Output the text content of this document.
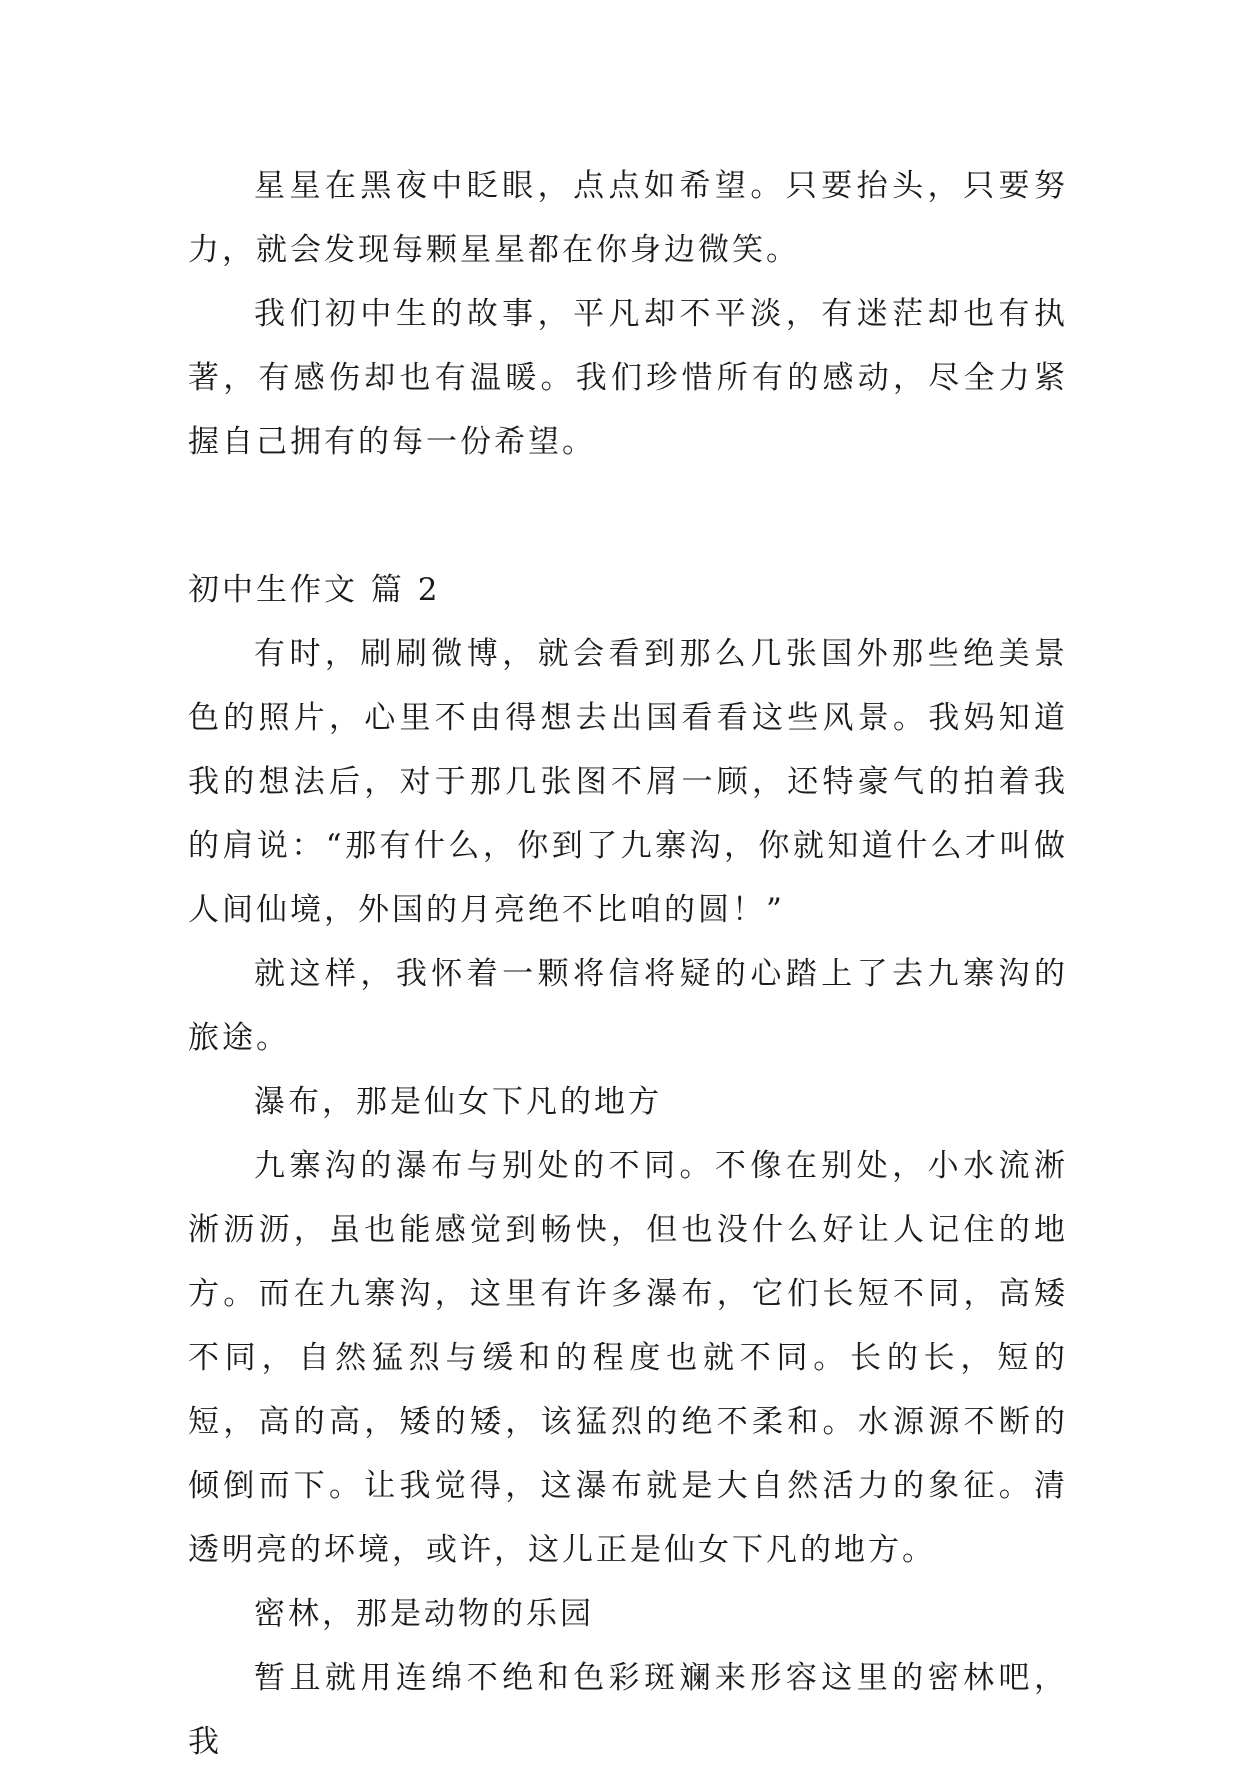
星星在黑夜中眨眼，点点如希望。只要抬头，只要努力，就会发现每颗星星都在你身边微笑。

我们初中生的故事，平凡却不平淡，有迷茫却也有执著，有感伤却也有温暖。我们珍惜所有的感动，尽全力紧握自己拥有的每一份希望。

初中生作文 篇 2

有时，刷刷微博，就会看到那么几张国外那些绝美景色的照片，心里不由得想去出国看看这些风景。我妈知道我的想法后，对于那几张图不屑一顾，还特豪气的拍着我的肩说：“那有什么，你到了九寨沟，你就知道什么才叫做人间仙境，外国的月亮绝不比咱的圆！”

就这样，我怀着一颗将信将疑的心踏上了去九寨沟的旅途。

瀑布，那是仙女下凡的地方

九寨沟的瀑布与别处的不同。不像在别处，小水流淅淅沥沥，虽也能感觉到畅快，但也没什么好让人记住的地方。而在九寨沟，这里有许多瀑布，它们长短不同，高矮不同，自然猛烈与缓和的程度也就不同。长的长，短的短，高的高，矮的矮，该猛烈的绝不柔和。水源源不断的倾倒而下。让我觉得，这瀑布就是大自然活力的象征。清透明亮的坏境，或许，这儿正是仙女下凡的地方。

密林，那是动物的乐园

暂且就用连绵不绝和色彩斑斓来形容这里的密林吧，我
